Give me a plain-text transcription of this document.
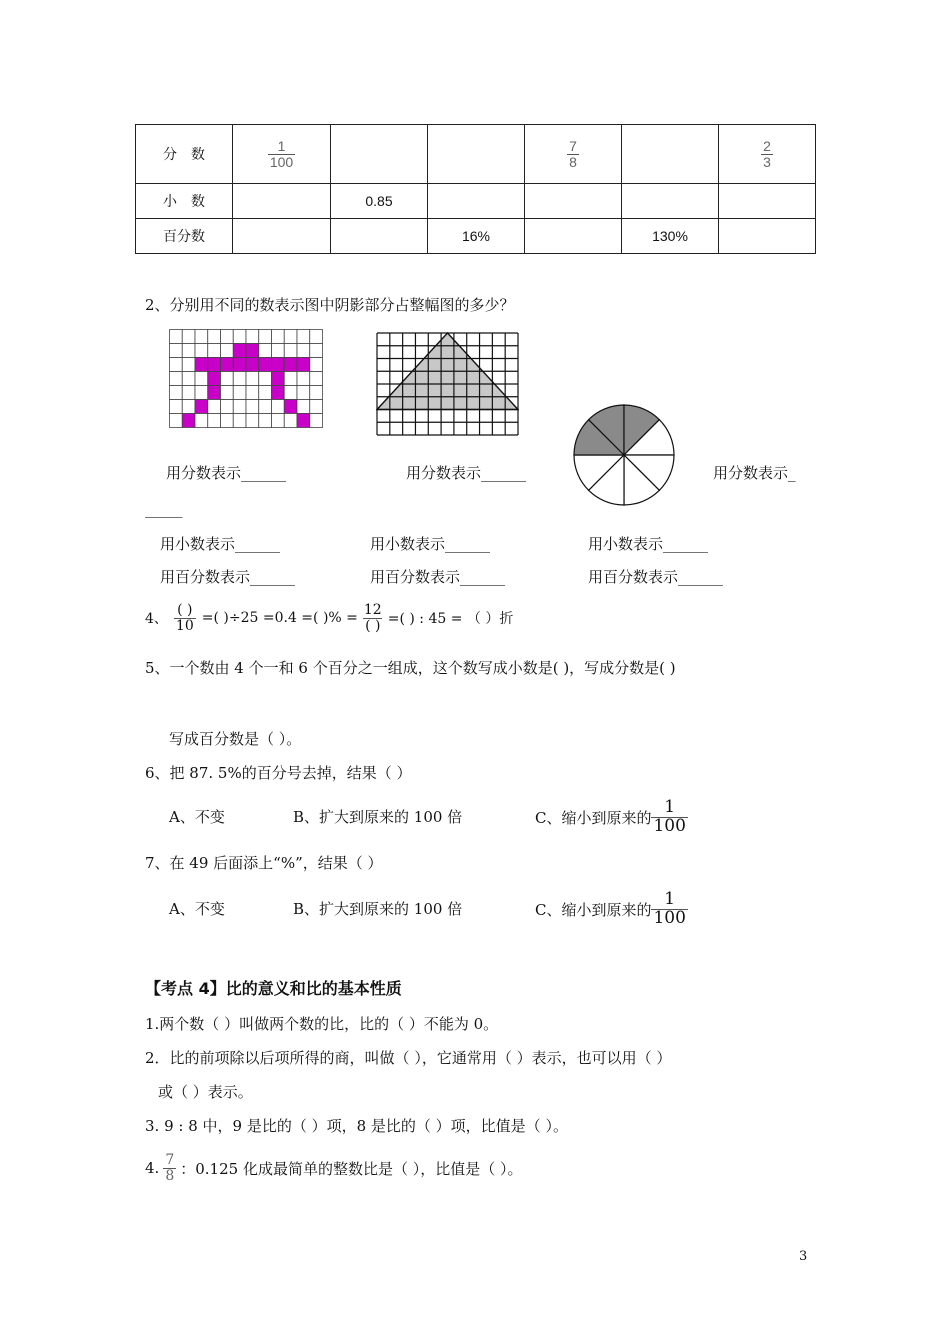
分　数	$\frac{1}{100}$			$\frac{7}{8}$		$\frac{2}{3}$

小　数		0.85				
百分数			16%		130%	
2、分别用不同的数表示图中阴影部分占整幅图的多少？
用分数表示______	用分数表示______	用分数表示_
_____
用小数表示______	用小数表示______	用小数表示______
用百分数表示______	用百分数表示______	用百分数表示______
4、 $\frac{( )}{10}$ =( )÷25 =0.4 =( )% = $\frac{12}{( )}$ =( ) : 45 = （ ）折
5、一个数由 4 个一和 6 个百分之一组成，这个数写成小数是( )，写成分数是( )
写成百分数是（ ）。
6、把 87. 5%的百分号去掉，结果（ ）
A、不变	B、扩大到原来的 100 倍	C、缩小到原来的 $\frac{1}{100}$
7、在 49 后面添上“%”，结果（ ）
A、不变	B、扩大到原来的 100 倍	C、缩小到原来的 $\frac{1}{100}$
【考点 4】比的意义和比的基本性质
1.两个数（ ）叫做两个数的比，比的（ ）不能为 0。
2．比的前项除以后项所得的商，叫做（ ），它通常用（ ）表示，也可以用（ ）
或（ ）表示。
3. 9 : 8 中，9 是比的（ ）项，8 是比的（ ）项，比值是（ ）。
4. $\frac{7}{8}$ ：0.125 化成最简单的整数比是（ ），比值是（ ）。
3
